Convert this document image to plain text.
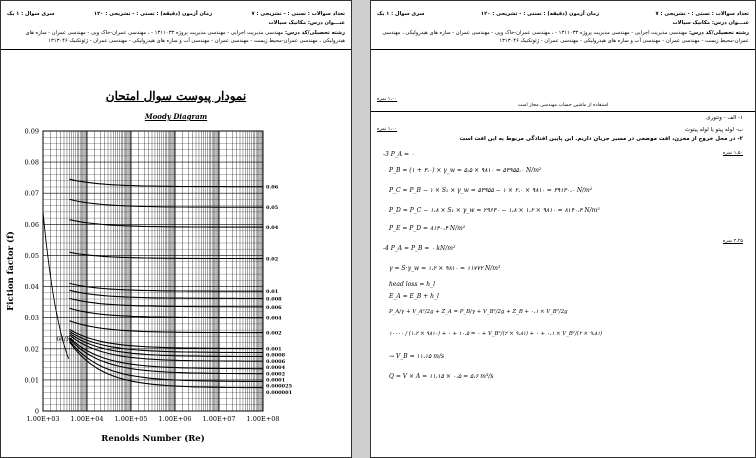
تعداد سوالات : تستی : - تشریحی : ۷
زمان آزمون (دقیقه) : تستی : - تشریحی : ۱۲۰
سری سوال : ۱ یک
عنـــوان درس: مکانیک سیالات
رشته تحصیلی/کد درس: مهندسی مدیریت اجرایی - مهندسی مدیریت پروژه ۱۳۱۱۰۳۳ - ، مهندسی عمران-خاک وپی - مهندسی عمران - سازه های هیدرولیکی ، مهندسی عمران-محیط زیست - مهندسی عمران - مهندسی آب و سازه های هیدرولیکی - مهندسی عمران - ژئوتکنیک ۱۳۱۳۰۴۶
نمودار پیوست سوال امتحان
Moody Diagram
0
0.01
0.02
0.03
0.04
0.05
0.06
0.07
0.08
0.09
1.00E+03 1.00E+04 1.00E+05 1.00E+06 1.00E+07 1.00E+08
Renolds Number (Re)
Fiction factor (f)
64/Re
0.06
0.05
0.04
0.02
0.01
0.008
0.006
0.004
0.002
0.001
0.0008
0.0006
0.0004
0.0002
0.0001
0.000025
0.000001
تعداد سوالات : تستی : - تشریحی : ۷
زمان آزمون (دقیقه) : تستی : - تشریحی : ۱۲۰
سری سوال : ۱ یک
عنـــوان درس: مکانیک سیالات
رشته تحصیلی/کد درس: مهندسی مدیریت اجرایی - مهندسی مدیریت پروژه ۱۳۱۱۰۳۳ - ، مهندسی عمران-خاک وپی - مهندسی عمران - سازه های هیدرولیکی ، مهندسی عمران-محیط زیست - مهندسی عمران - مهندسی آب و سازه های هیدرولیکی - مهندسی عمران - ژئوتکنیک ۱۳۱۳۰۴۶
استفاده از ماشین حساب مهندسی مجاز است
۱،۰۰ نمره
۱- الف - ونتوری
ب- لوله پیتو یا لوله پیتوت
۱،۰۰ نمره
۲- در محل خروج از مخزن، افت موضعی در مسیر جریان داریم. این پایین افتادگی مربوط به این افت است
۱،۵۰ نمره
-3 P_A = ۰
P_B = (۱ + ۳،۰) × γ_w = ۵،۵ × ۹۸۱۰ = ۵۳۹۵۵،۰ N/m²
P_C = P_B − ۱ × S₁ × γ_w = ۵۳۹۵۵ − ۱ × ۲،۰ × ۹۸۱۰ = ۳۹۱۳۰،۰ N/m²
P_D = P_C − ۱،۸ × S₁ × γ_w = ۲۹۶۳۰ − ۱،۸ × ۱،۲ × ۹۸۱۰ = ۸۱۴۰،۴ N/m²
P_E = P_D = ۸۱۴۰،۴ N/m²
۲،۲۵ نمره
-4 P_A = P_B = ۰ kN/m²
γ = S·γ_w = ۱،۲ × ۹۸۱۰ = ۱۱۷۷۲ N/m³
head loss = h_l
E_A = E_B + h_l
P_A/γ + V_A²/2g + Z_A = P_B/γ + V_B²/2g + Z_B + ۰،۱ × V_B²/2g
۱۰۰۰۰ / (۱،۲ × ۹۸۱۰) + ۰ + ۱۰،۵ = ۰ + V_B²/(۲ × ۹،۸۱) + ۰ + ۰،۱ × V_B²/(۲ × ۹،۸۱)
→ V_B = ۱۱،۱۵ m/s
Q = V × A = ۱۱،۱۵ × ۰،۵ = ۵،۶ m³/s
